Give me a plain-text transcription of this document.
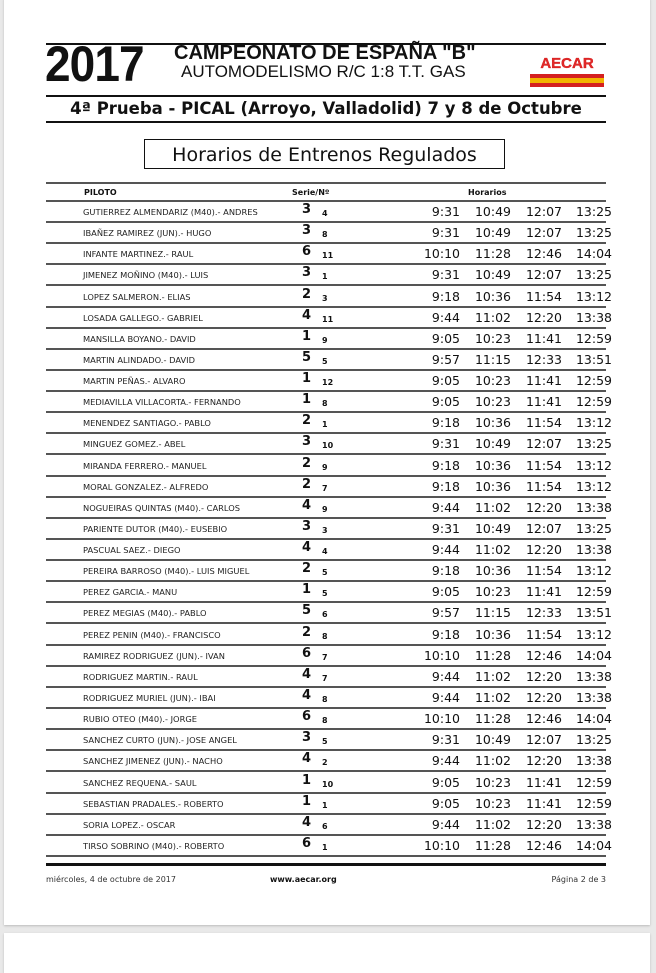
2017 CAMPEONATO DE ESPAÑA "B"
AUTOMODELISMO R/C 1:8 T.T. GAS	AECAR
4ª Prueba - PICAL (Arroyo, Valladolid) 7 y 8 de Octubre
Horarios de Entrenos Regulados
PILOTO	Serie/Nº	Horarios
GUTIERREZ ALMENDARIZ (M40).- ANDRES	3 4	9:31	10:49	12:07	13:25
IBAÑEZ RAMIREZ (JUN).- HUGO	3 8	9:31	10:49	12:07	13:25
INFANTE MARTINEZ.- RAUL	6 11	10:10	11:28	12:46	14:04
JIMENEZ MOÑINO (M40).- LUIS	3 1	9:31	10:49	12:07	13:25
LOPEZ SALMERON.- ELIAS	2 3	9:18	10:36	11:54	13:12
LOSADA GALLEGO.- GABRIEL	4 11	9:44	11:02	12:20	13:38
MANSILLA BOYANO.- DAVID	1 9	9:05	10:23	11:41	12:59
MARTIN ALINDADO.- DAVID	5 5	9:57	11:15	12:33	13:51
MARTIN PEÑAS.- ALVARO	1 12	9:05	10:23	11:41	12:59
MEDIAVILLA VILLACORTA.- FERNANDO	1 8	9:05	10:23	11:41	12:59
MENENDEZ SANTIAGO.- PABLO	2 1	9:18	10:36	11:54	13:12
MINGUEZ GOMEZ.- ABEL	3 10	9:31	10:49	12:07	13:25
MIRANDA FERRERO.- MANUEL	2 9	9:18	10:36	11:54	13:12
MORAL GONZALEZ.- ALFREDO	2 7	9:18	10:36	11:54	13:12
NOGUEIRAS QUINTAS (M40).- CARLOS	4 9	9:44	11:02	12:20	13:38
PARIENTE DUTOR (M40).- EUSEBIO	3 3	9:31	10:49	12:07	13:25
PASCUAL SAEZ.- DIEGO	4 4	9:44	11:02	12:20	13:38
PEREIRA BARROSO (M40).- LUIS MIGUEL	2 5	9:18	10:36	11:54	13:12
PEREZ GARCIA.- MANU	1 5	9:05	10:23	11:41	12:59
PEREZ MEGIAS (M40).- PABLO	5 6	9:57	11:15	12:33	13:51
PEREZ PENIN (M40).- FRANCISCO	2 8	9:18	10:36	11:54	13:12
RAMIREZ RODRIGUEZ (JUN).- IVAN	6 7	10:10	11:28	12:46	14:04
RODRIGUEZ MARTIN.- RAUL	4 7	9:44	11:02	12:20	13:38
RODRIGUEZ MURIEL (JUN).- IBAI	4 8	9:44	11:02	12:20	13:38
RUBIO OTEO (M40).- JORGE	6 8	10:10	11:28	12:46	14:04
SANCHEZ CURTO (JUN).- JOSE ANGEL	3 5	9:31	10:49	12:07	13:25
SANCHEZ JIMENEZ (JUN).- NACHO	4 2	9:44	11:02	12:20	13:38
SANCHEZ REQUENA.- SAUL	1 10	9:05	10:23	11:41	12:59
SEBASTIAN PRADALES.- ROBERTO	1 1	9:05	10:23	11:41	12:59
SORIA LOPEZ.- OSCAR	4 6	9:44	11:02	12:20	13:38
TIRSO SOBRINO (M40).- ROBERTO	6 1	10:10	11:28	12:46	14:04
miércoles, 4 de octubre de 2017	www.aecar.org	Página 2 de 3
